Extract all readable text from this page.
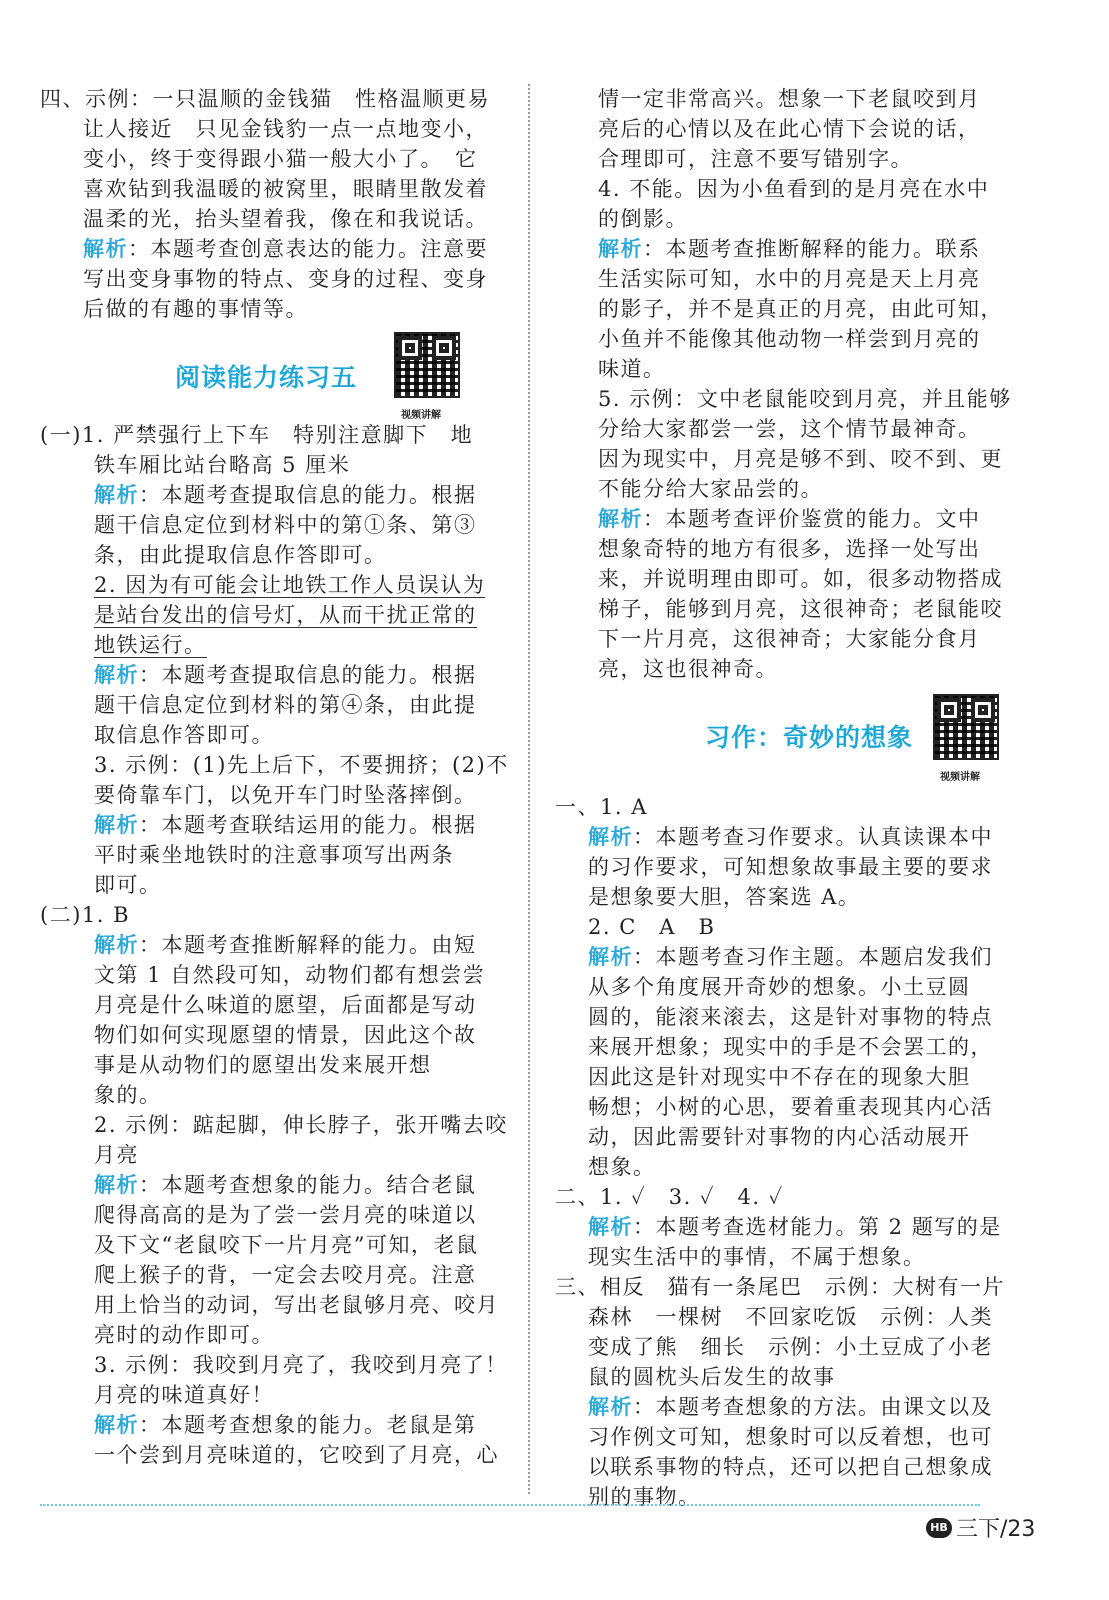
四、示例：一只温顺的金钱猫　性格温顺更易
让人接近　只见金钱豹一点一点地变小，
变小，终于变得跟小猫一般大小了。　它
喜欢钻到我温暖的被窝里，眼睛里散发着
温柔的光，抬头望着我，像在和我说话。
解析：本题考查创意表达的能力。注意要
写出变身事物的特点、变身的过程、变身
后做的有趣的事情等。
阅读能力练习五
视频讲解
(一)1. 严禁强行上下车　特别注意脚下　地
铁车厢比站台略高 5 厘米
解析：本题考查提取信息的能力。根据
题干信息定位到材料中的第①条、第③
条，由此提取信息作答即可。
2. 因为有可能会让地铁工作人员误认为
是站台发出的信号灯，从而干扰正常的
地铁运行。
解析：本题考查提取信息的能力。根据
题干信息定位到材料的第④条，由此提
取信息作答即可。
3. 示例：(1)先上后下，不要拥挤；(2)不
要倚靠车门，以免开车门时坠落摔倒。
解析：本题考查联结运用的能力。根据
平时乘坐地铁时的注意事项写出两条
即可。
(二)1. B
解析：本题考查推断解释的能力。由短
文第 1 自然段可知，动物们都有想尝尝
月亮是什么味道的愿望，后面都是写动
物们如何实现愿望的情景，因此这个故
事是从动物们的愿望出发来展开想
象的。
2. 示例：踮起脚，伸长脖子，张开嘴去咬
月亮
解析：本题考查想象的能力。结合老鼠
爬得高高的是为了尝一尝月亮的味道以
及下文“老鼠咬下一片月亮”可知，老鼠
爬上猴子的背，一定会去咬月亮。注意
用上恰当的动词，写出老鼠够月亮、咬月
亮时的动作即可。
3. 示例：我咬到月亮了，我咬到月亮了！
月亮的味道真好！
解析：本题考查想象的能力。老鼠是第
一个尝到月亮味道的，它咬到了月亮，心
情一定非常高兴。想象一下老鼠咬到月
亮后的心情以及在此心情下会说的话，
合理即可，注意不要写错别字。
4. 不能。因为小鱼看到的是月亮在水中
的倒影。
解析：本题考查推断解释的能力。联系
生活实际可知，水中的月亮是天上月亮
的影子，并不是真正的月亮，由此可知，
小鱼并不能像其他动物一样尝到月亮的
味道。
5. 示例：文中老鼠能咬到月亮，并且能够
分给大家都尝一尝，这个情节最神奇。
因为现实中，月亮是够不到、咬不到、更
不能分给大家品尝的。
解析：本题考查评价鉴赏的能力。文中
想象奇特的地方有很多，选择一处写出
来，并说明理由即可。如，很多动物搭成
梯子，能够到月亮，这很神奇；老鼠能咬
下一片月亮，这很神奇；大家能分食月
亮，这也很神奇。
习作：奇妙的想象
视频讲解
一、1. A
解析：本题考查习作要求。认真读课本中
的习作要求，可知想象故事最主要的要求
是想象要大胆，答案选 A。
2. C　A　B
解析：本题考查习作主题。本题启发我们
从多个角度展开奇妙的想象。小土豆圆
圆的，能滚来滚去，这是针对事物的特点
来展开想象；现实中的手是不会罢工的，
因此这是针对现实中不存在的现象大胆
畅想；小树的心思，要着重表现其内心活
动，因此需要针对事物的内心活动展开
想象。
二、1. ✓　3. ✓　4. ✓
解析：本题考查选材能力。第 2 题写的是
现实生活中的事情，不属于想象。
三、相反　猫有一条尾巴　示例：大树有一片
森林　一棵树　不回家吃饭　示例：人类
变成了熊　细长　示例：小土豆成了小老
鼠的圆枕头后发生的故事
解析：本题考查想象的方法。由课文以及
习作例文可知，想象时可以反着想，也可
以联系事物的特点，还可以把自己想象成
别的事物。
HB 三下/23
